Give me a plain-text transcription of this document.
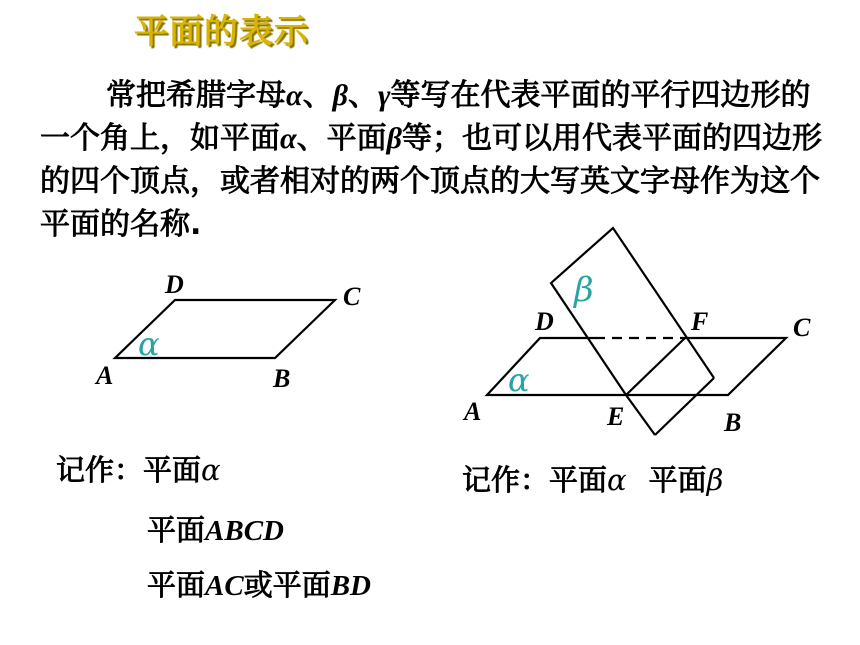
平面的表示

常把希腊字母α、β、γ等写在代表平面的平行四边形的一个角上，如平面α、平面β等；也可以用代表平面的四边形的四个顶点，或者相对的两个顶点的大写英文字母作为这个平面的名称.

D	C
A	B
α
D	F	C
A	E	B
β
α
记作：平面α
平面ABCD
平面AC或平面BD
记作：平面α 平面β
